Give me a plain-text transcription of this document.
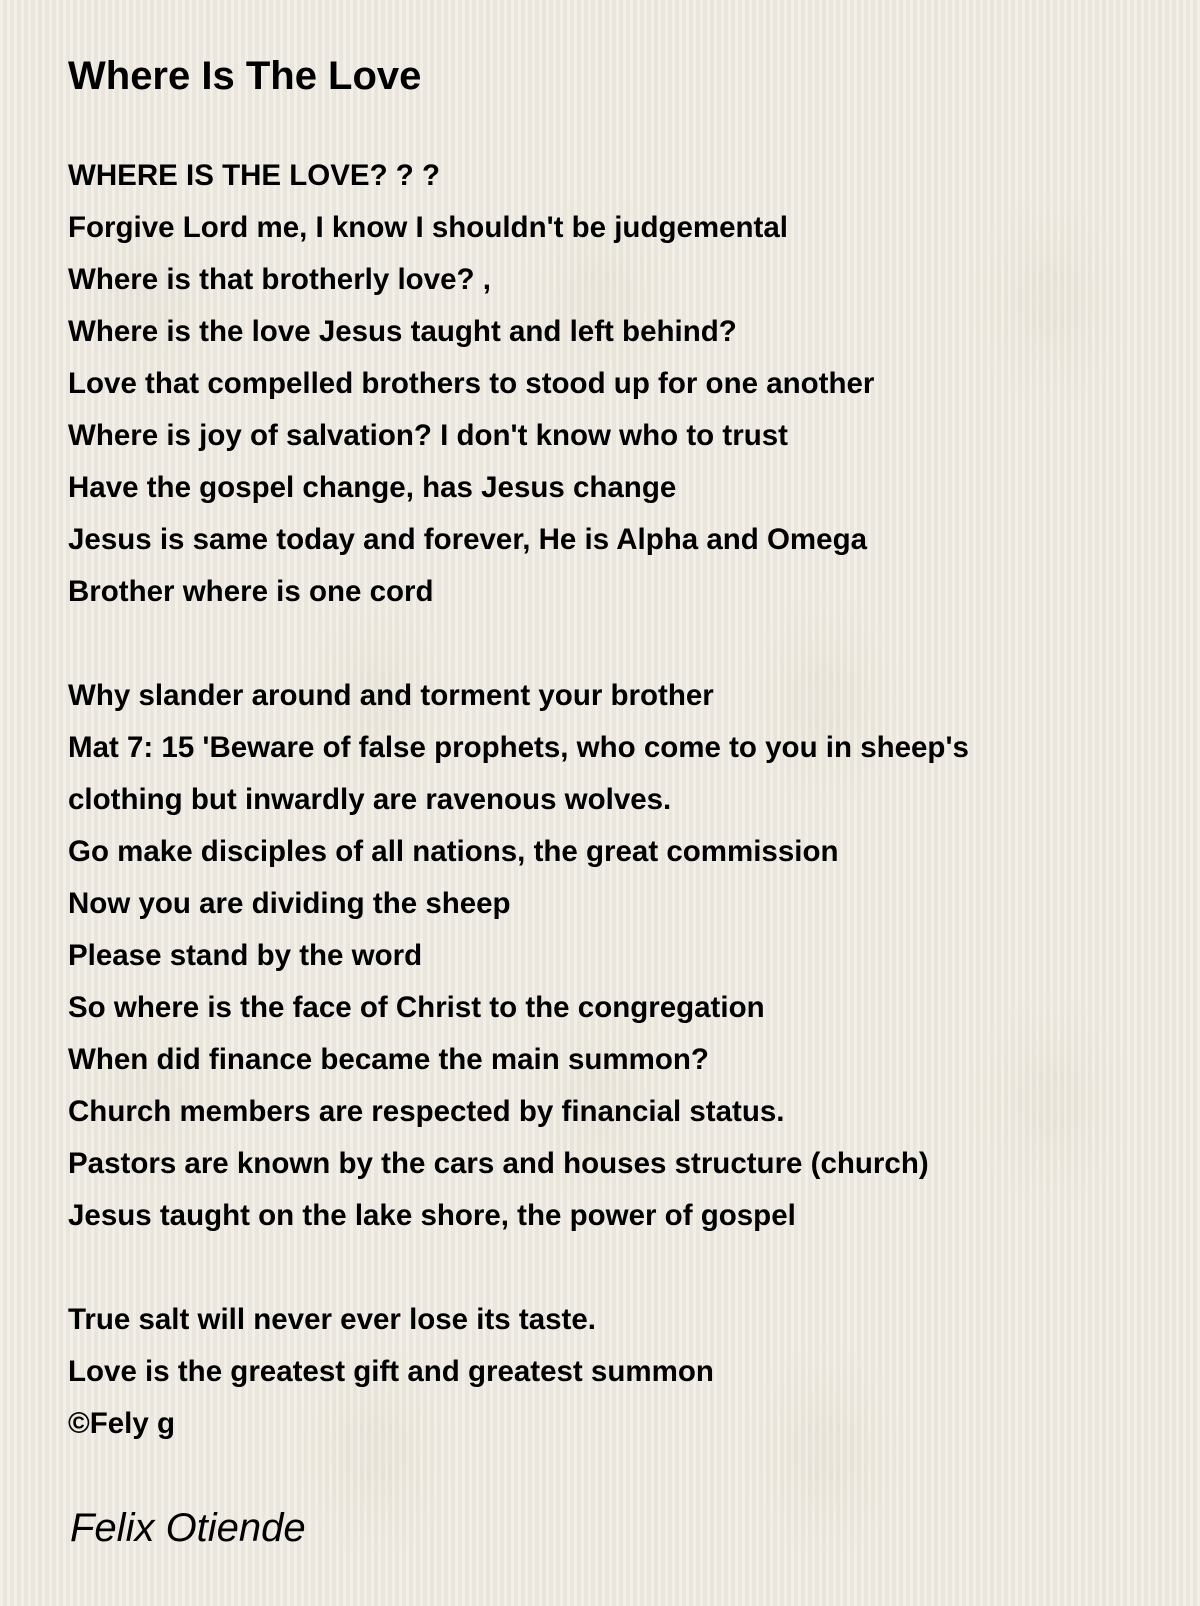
Where Is The Love
WHERE IS THE LOVE? ? ?
Forgive Lord me, I know I shouldn't be judgemental
Where is that brotherly love? ,
Where is the love Jesus taught and left behind?
Love that compelled brothers to stood up for one another
Where is joy of salvation? I don't know who to trust
Have the gospel change, has Jesus change
Jesus is same today and forever, He is Alpha and Omega
Brother where is one cord
Why slander around and torment your brother
Mat 7: 15 'Beware of false prophets, who come to you in sheep's
clothing but inwardly are ravenous wolves.
Go make disciples of all nations, the great commission
Now you are dividing the sheep
Please stand by the word
So where is the face of Christ to the congregation
When did finance became the main summon?
Church members are respected by financial status.
Pastors are known by the cars and houses structure (church)
Jesus taught on the lake shore, the power of gospel
True salt will never ever lose its taste.
Love is the greatest gift and greatest summon
©Fely g

Felix Otiende
